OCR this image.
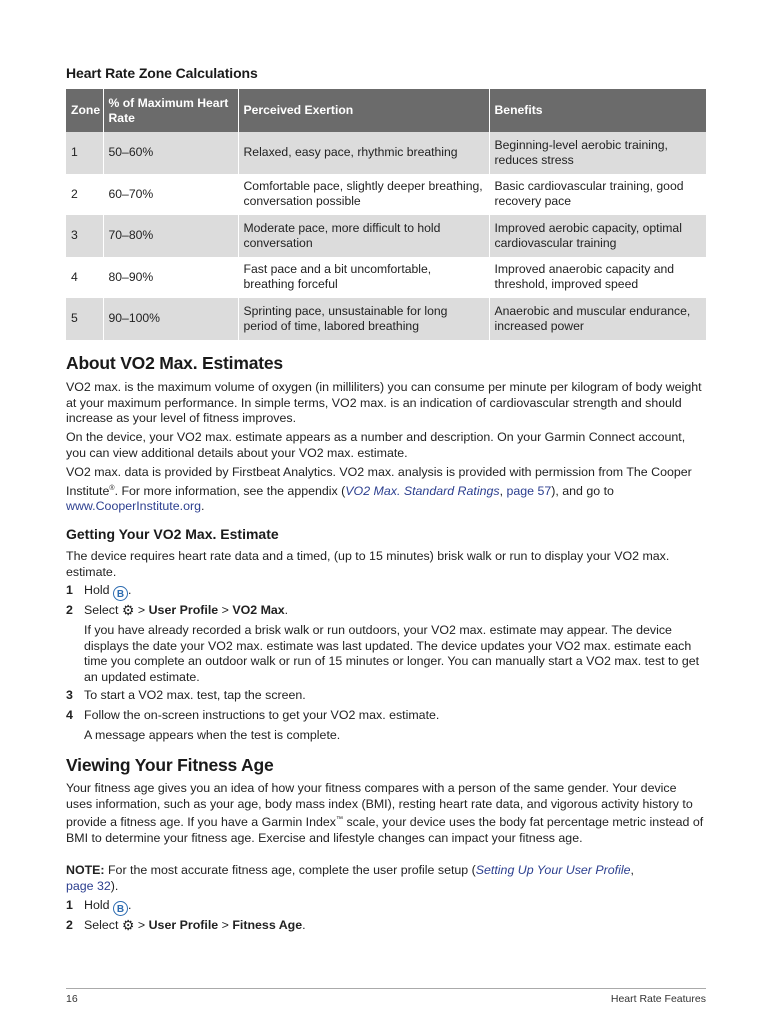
Heart Rate Zone Calculations
Zone	% of Maximum Heart Rate	Perceived Exertion	Benefits
1	50–60%	Relaxed, easy pace, rhythmic breathing	Beginning-level aerobic training, reduces stress
2	60–70%	Comfortable pace, slightly deeper breathing, conversation possible	Basic cardiovascular training, good recovery pace
3	70–80%	Moderate pace, more difficult to hold conversation	Improved aerobic capacity, optimal cardiovascular training
4	80–90%	Fast pace and a bit uncomfortable, breathing forceful	Improved anaerobic capacity and threshold, improved speed
5	90–100%	Sprinting pace, unsustainable for long period of time, labored breathing	Anaerobic and muscular endurance, increased power
About VO2 Max. Estimates

VO2 max. is the maximum volume of oxygen (in milliliters) you can consume per minute per kilogram of body weight at your maximum performance. In simple terms, VO2 max. is an indication of cardiovascular strength and should increase as your level of fitness improves.

On the device, your VO2 max. estimate appears as a number and description. On your Garmin Connect account, you can view additional details about your VO2 max. estimate.

VO2 max. data is provided by Firstbeat Analytics. VO2 max. analysis is provided with permission from The Cooper Institute®. For more information, see the appendix (VO2 Max. Standard Ratings, page 57), and go to www.CooperInstitute.org.

Getting Your VO2 Max. Estimate

The device requires heart rate data and a timed, (up to 15 minutes) brisk walk or run to display your VO2 max. estimate.

1 Hold B .
2 Select ⚙ > User Profile > VO2 Max.

If you have already recorded a brisk walk or run outdoors, your VO2 max. estimate may appear. The device displays the date your VO2 max. estimate was last updated. The device updates your VO2 max. estimate each time you complete an outdoor walk or run of 15 minutes or longer. You can manually start a VO2 max. test to get an updated estimate.

3 To start a VO2 max. test, tap the screen.
4 Follow the on-screen instructions to get your VO2 max. estimate.

A message appears when the test is complete.

Viewing Your Fitness Age

Your fitness age gives you an idea of how your fitness compares with a person of the same gender. Your device uses information, such as your age, body mass index (BMI), resting heart rate data, and vigorous activity history to provide a fitness age. If you have a Garmin Index™ scale, your device uses the body fat percentage metric instead of BMI to determine your fitness age. Exercise and lifestyle changes can impact your fitness age.

NOTE: For the most accurate fitness age, complete the user profile setup (Setting Up Your User Profile,
page 32).

1 Hold B .
2 Select ⚙ > User Profile > Fitness Age.
16	Heart Rate Features
